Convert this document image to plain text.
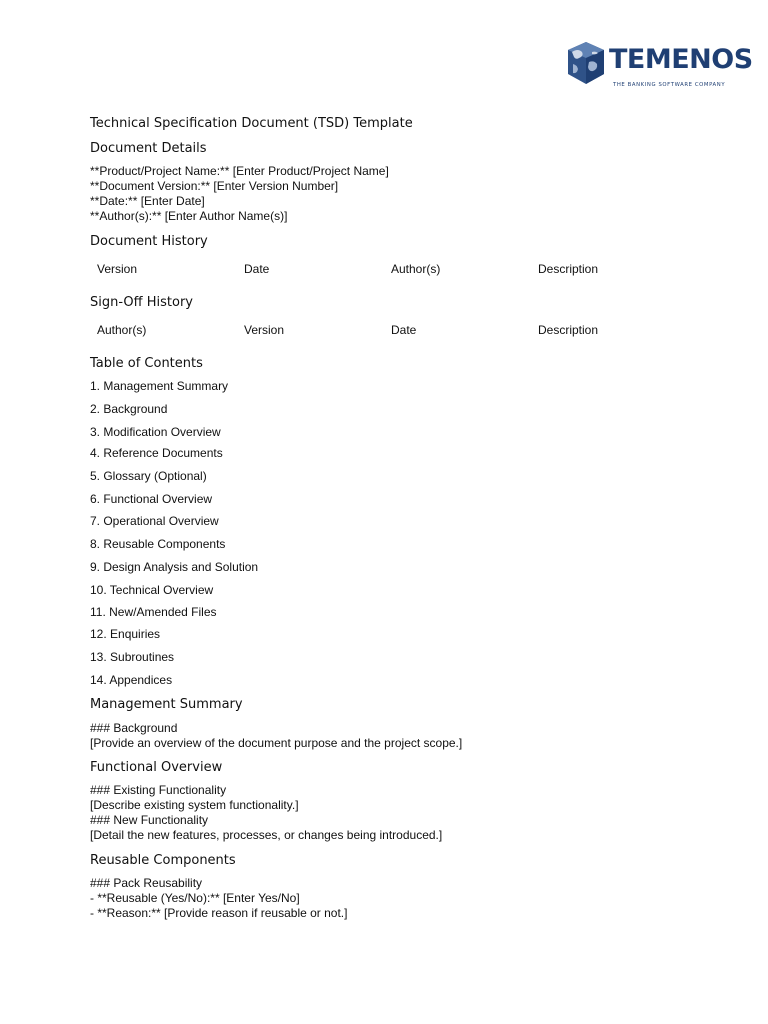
TEMENOS
THE BANKING SOFTWARE COMPANY
Technical Specification Document (TSD) Template
Document Details
**Product/Project Name:** [Enter Product/Project Name]
**Document Version:** [Enter Version Number]
**Date:** [Enter Date]
**Author(s):** [Enter Author Name(s)]
Document History
Version	Date	Author(s)	Description
Sign-Off History
Author(s)	Version	Date	Description
Table of Contents
1. Management Summary
2. Background
3. Modification Overview
4. Reference Documents
5. Glossary (Optional)
6. Functional Overview
7. Operational Overview
8. Reusable Components
9. Design Analysis and Solution
10. Technical Overview
11. New/Amended Files
12. Enquiries
13. Subroutines
14. Appendices
Management Summary
### Background
[Provide an overview of the document purpose and the project scope.]
Functional Overview
### Existing Functionality
[Describe existing system functionality.]
### New Functionality
[Detail the new features, processes, or changes being introduced.]
Reusable Components
### Pack Reusability
- **Reusable (Yes/No):** [Enter Yes/No]
- **Reason:** [Provide reason if reusable or not.]
